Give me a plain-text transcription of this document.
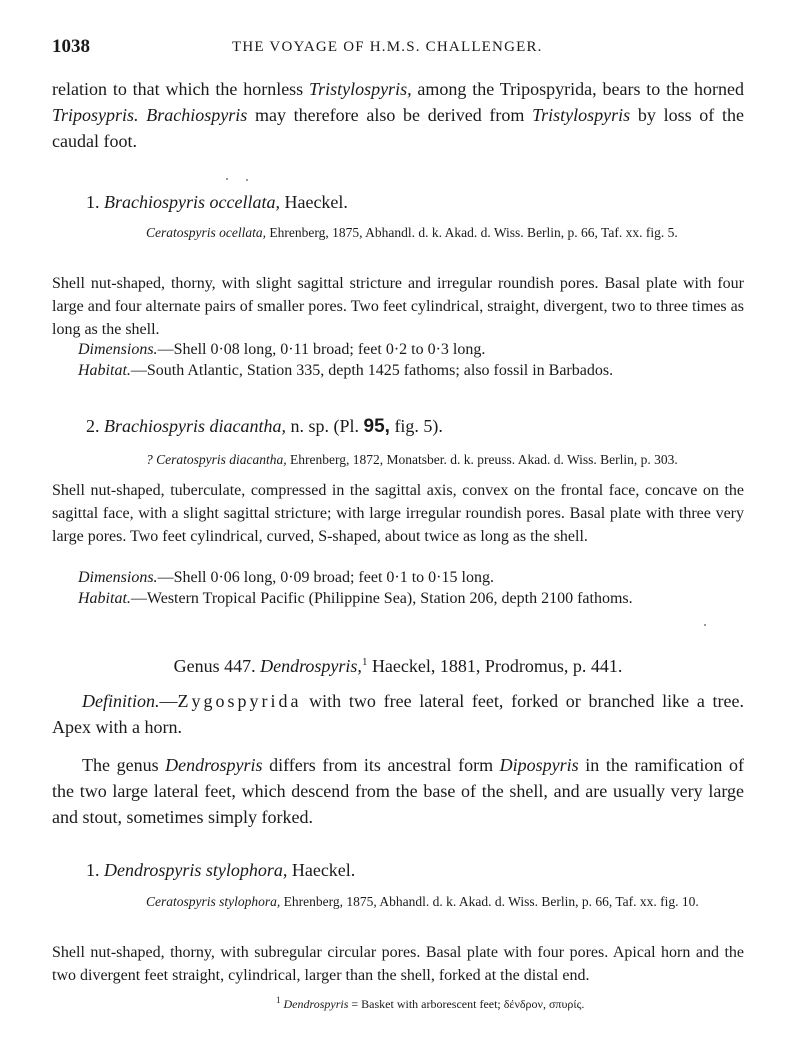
1038	THE VOYAGE OF H.M.S. CHALLENGER.
relation to that which the hornless Tristylospyris, among the Tripospyrida, bears to the horned Triposypris. Brachiospyris may therefore also be derived from Tristylospyris by loss of the caudal foot.
1. Brachiospyris occellata, Haeckel.
Ceratospyris ocellata, Ehrenberg, 1875, Abhandl. d. k. Akad. d. Wiss. Berlin, p. 66, Taf. xx. fig. 5.
Shell nut-shaped, thorny, with slight sagittal stricture and irregular roundish pores. Basal plate with four large and four alternate pairs of smaller pores. Two feet cylindrical, straight, divergent, two to three times as long as the shell.
Dimensions.—Shell 0·08 long, 0·11 broad; feet 0·2 to 0·3 long.
Habitat.—South Atlantic, Station 335, depth 1425 fathoms; also fossil in Barbados.
2. Brachiospyris diacantha, n. sp. (Pl. 95, fig. 5).
? Ceratospyris diacantha, Ehrenberg, 1872, Monatsber. d. k. preuss. Akad. d. Wiss. Berlin, p. 303.
Shell nut-shaped, tuberculate, compressed in the sagittal axis, convex on the frontal face, concave on the sagittal face, with a slight sagittal stricture; with large irregular roundish pores. Basal plate with three very large pores. Two feet cylindrical, curved, S-shaped, about twice as long as the shell.
Dimensions.—Shell 0·06 long, 0·09 broad; feet 0·1 to 0·15 long.
Habitat.—Western Tropical Pacific (Philippine Sea), Station 206, depth 2100 fathoms.
Genus 447. Dendrospyris,$^1$ Haeckel, 1881, Prodromus, p. 441.
Definition.—Zygospyrida with two free lateral feet, forked or branched like a tree. Apex with a horn.
The genus Dendrospyris differs from its ancestral form Dipospyris in the ramification of the two large lateral feet, which descend from the base of the shell, and are usually very large and stout, sometimes simply forked.
1. Dendrospyris stylophora, Haeckel.
Ceratospyris stylophora, Ehrenberg, 1875, Abhandl. d. k. Akad. d. Wiss. Berlin, p. 66, Taf. xx. fig. 10.
Shell nut-shaped, thorny, with subregular circular pores. Basal plate with four pores. Apical horn and the two divergent feet straight, cylindrical, larger than the shell, forked at the distal end.
$^1$ Dendrospyris = Basket with arborescent feet; δένδρον, σπυρίς.
